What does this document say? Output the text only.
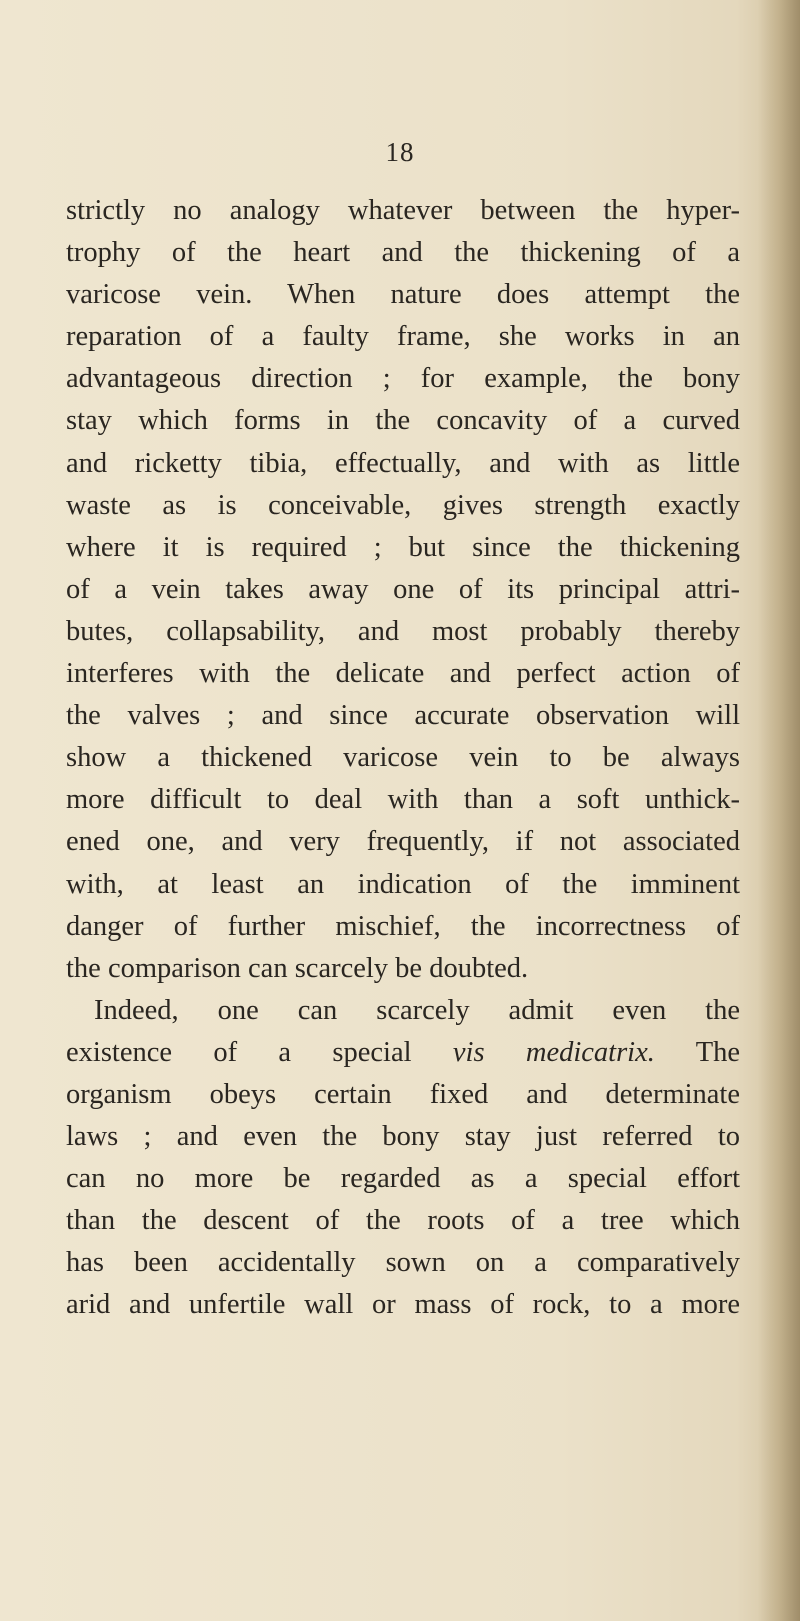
18
strictly no analogy whatever between the hyper-
trophy of the heart and the thickening of a
varicose vein. When nature does attempt the
reparation of a faulty frame, she works in an
advantageous direction ; for example, the bony
stay which forms in the concavity of a curved
and ricketty tibia, effectually, and with as little
waste as is conceivable, gives strength exactly
where it is required ; but since the thickening
of a vein takes away one of its principal attri-
butes, collapsability, and most probably thereby
interferes with the delicate and perfect action of
the valves ; and since accurate observation will
show a thickened varicose vein to be always
more difficult to deal with than a soft unthick-
ened one, and very frequently, if not associated
with, at least an indication of the imminent
danger of further mischief, the incorrectness of
the comparison can scarcely be doubted.
Indeed, one can scarcely admit even the
existence of a special vis medicatrix. The
organism obeys certain fixed and determinate
laws ; and even the bony stay just referred to
can no more be regarded as a special effort
than the descent of the roots of a tree which
has been accidentally sown on a comparatively
arid and unfertile wall or mass of rock, to a more
